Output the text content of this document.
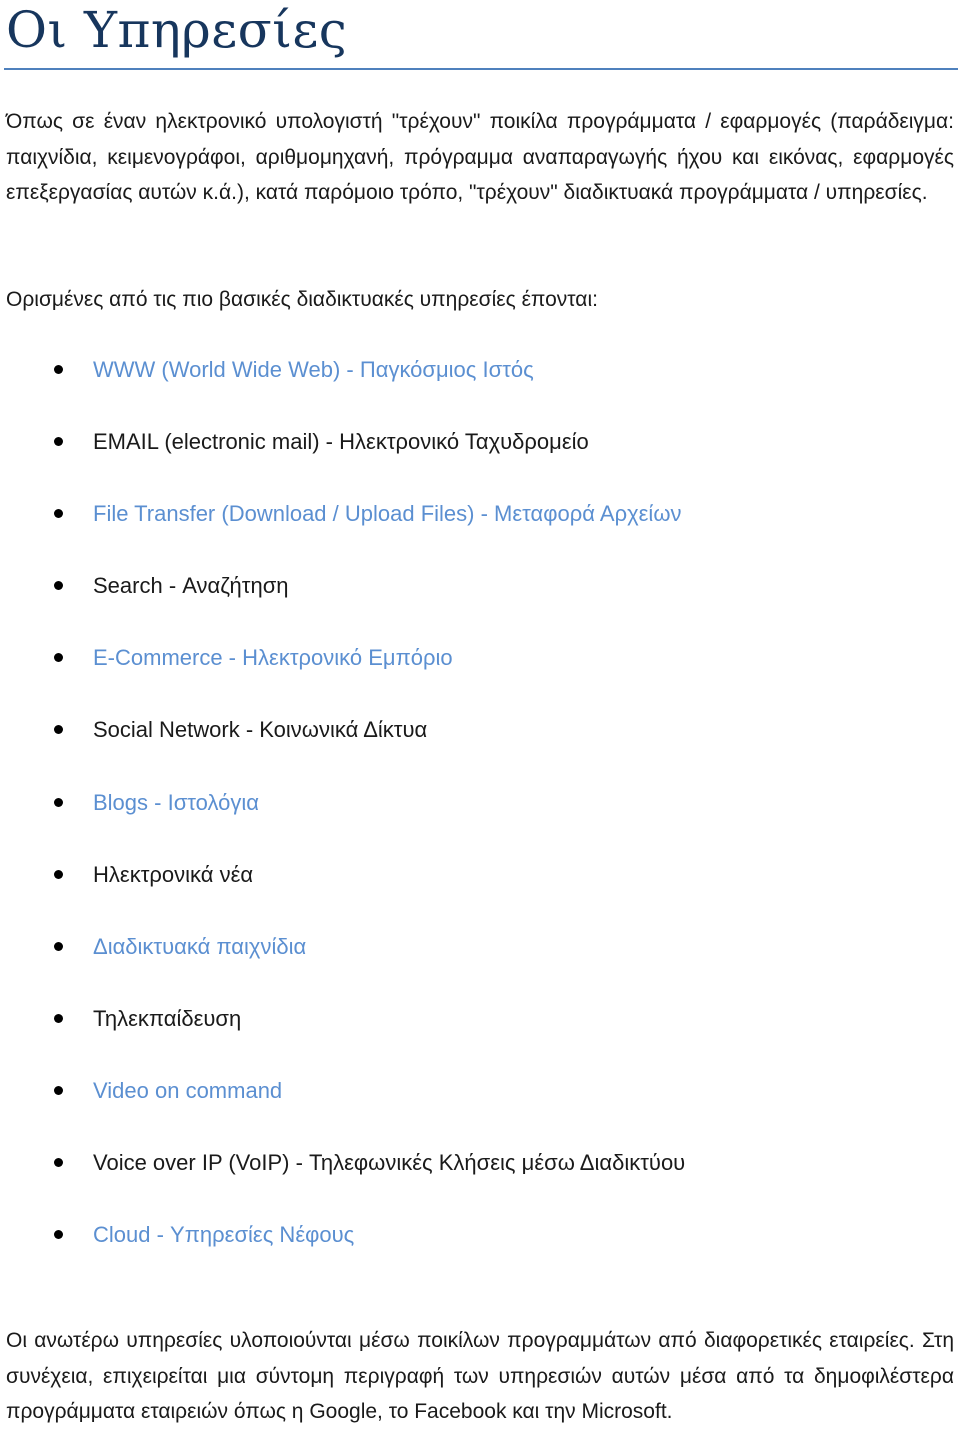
Οι Υπηρεσίες

Όπως σε έναν ηλεκτρονικό υπολογιστή "τρέχουν" ποικίλα προγράμματα / εφαρμογές (παράδειγμα: παιχνίδια, κειμενογράφοι, αριθμομηχανή, πρόγραμμα αναπαραγωγής ήχου και εικόνας, εφαρμογές επεξεργασίας αυτών κ.ά.), κατά παρόμοιο τρόπο, "τρέχουν" διαδικτυακά προγράμματα / υπηρεσίες.

Ορισμένες από τις πιο βασικές διαδικτυακές υπηρεσίες έπονται:

WWW (World Wide Web) - Παγκόσμιος Ιστός
EMAIL (electronic mail) - Ηλεκτρονικό Ταχυδρομείο
File Transfer (Download / Upload Files) - Μεταφορά Αρχείων
Search - Αναζήτηση
E-Commerce - Ηλεκτρονικό Εμπόριο
Social Network - Κοινωνικά Δίκτυα
Blogs - Ιστολόγια
Ηλεκτρονικά νέα
Διαδικτυακά παιχνίδια
Τηλεκπαίδευση
Video on command
Voice over IP (VoIP) - Τηλεφωνικές Κλήσεις μέσω Διαδικτύου
Cloud - Υπηρεσίες Νέφους

Οι ανωτέρω υπηρεσίες υλοποιούνται μέσω ποικίλων προγραμμάτων από διαφορετικές εταιρείες. Στη συνέχεια, επιχειρείται μια σύντομη περιγραφή των υπηρεσιών αυτών μέσα από τα δημοφιλέστερα προγράμματα εταιρειών όπως η Google, το Facebook και την Microsoft.
